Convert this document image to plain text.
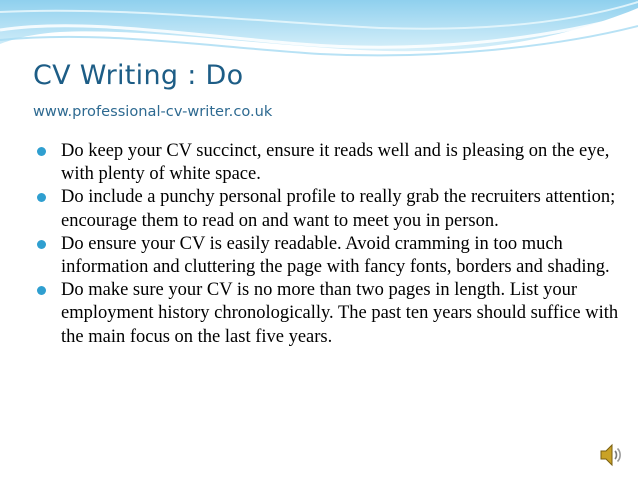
CV Writing : Do
www.professional-cv-writer.co.uk
Do keep your CV succinct, ensure it reads well and is pleasing on the eye, with plenty of white space.
Do include a punchy personal profile to really grab the recruiters attention; encourage them to read on and want to meet you in person.
Do ensure your CV is easily readable. Avoid cramming in too much information and cluttering the page with fancy fonts, borders and shading.
Do make sure your CV is no more than two pages in length. List your employment history chronologically. The past ten years should suffice with the main focus on the last five years.
